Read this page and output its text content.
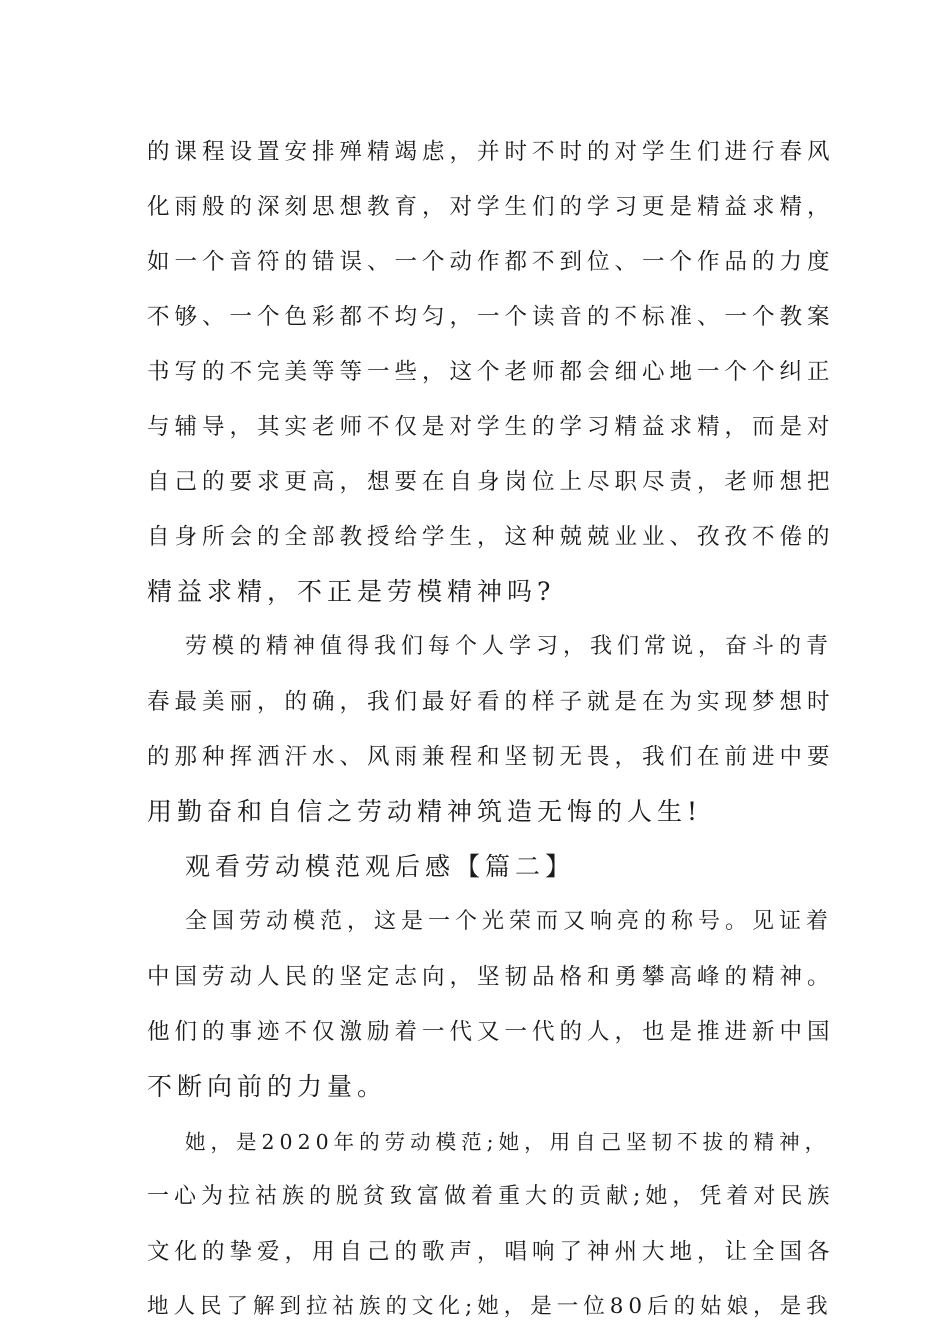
的课程设置安排殚精竭虑，并时不时的对学生们进行春风
化雨般的深刻思想教育，对学生们的学习更是精益求精，
如一个音符的错误、一个动作都不到位、一个作品的力度
不够、一个色彩都不均匀，一个读音的不标准、一个教案
书写的不完美等等一些，这个老师都会细心地一个个纠正
与辅导，其实老师不仅是对学生的学习精益求精，而是对
自己的要求更高，想要在自身岗位上尽职尽责，老师想把
自身所会的全部教授给学生，这种兢兢业业、孜孜不倦的
精益求精，不正是劳模精神吗?
劳模的精神值得我们每个人学习，我们常说，奋斗的青
春最美丽，的确，我们最好看的样子就是在为实现梦想时
的那种挥洒汗水、风雨兼程和坚韧无畏，我们在前进中要
用勤奋和自信之劳动精神筑造无悔的人生!
观看劳动模范观后感【篇二】
全国劳动模范，这是一个光荣而又响亮的称号。见证着
中国劳动人民的坚定志向，坚韧品格和勇攀高峰的精神。
他们的事迹不仅激励着一代又一代的人，也是推进新中国
不断向前的力量。
她，是2020年的劳动模范;她，用自己坚韧不拔的精神，
一心为拉祜族的脱贫致富做着重大的贡献;她，凭着对民族
文化的挚爱，用自己的歌声，唱响了神州大地，让全国各
地人民了解到拉祜族的文化;她，是一位80后的姑娘，是我
